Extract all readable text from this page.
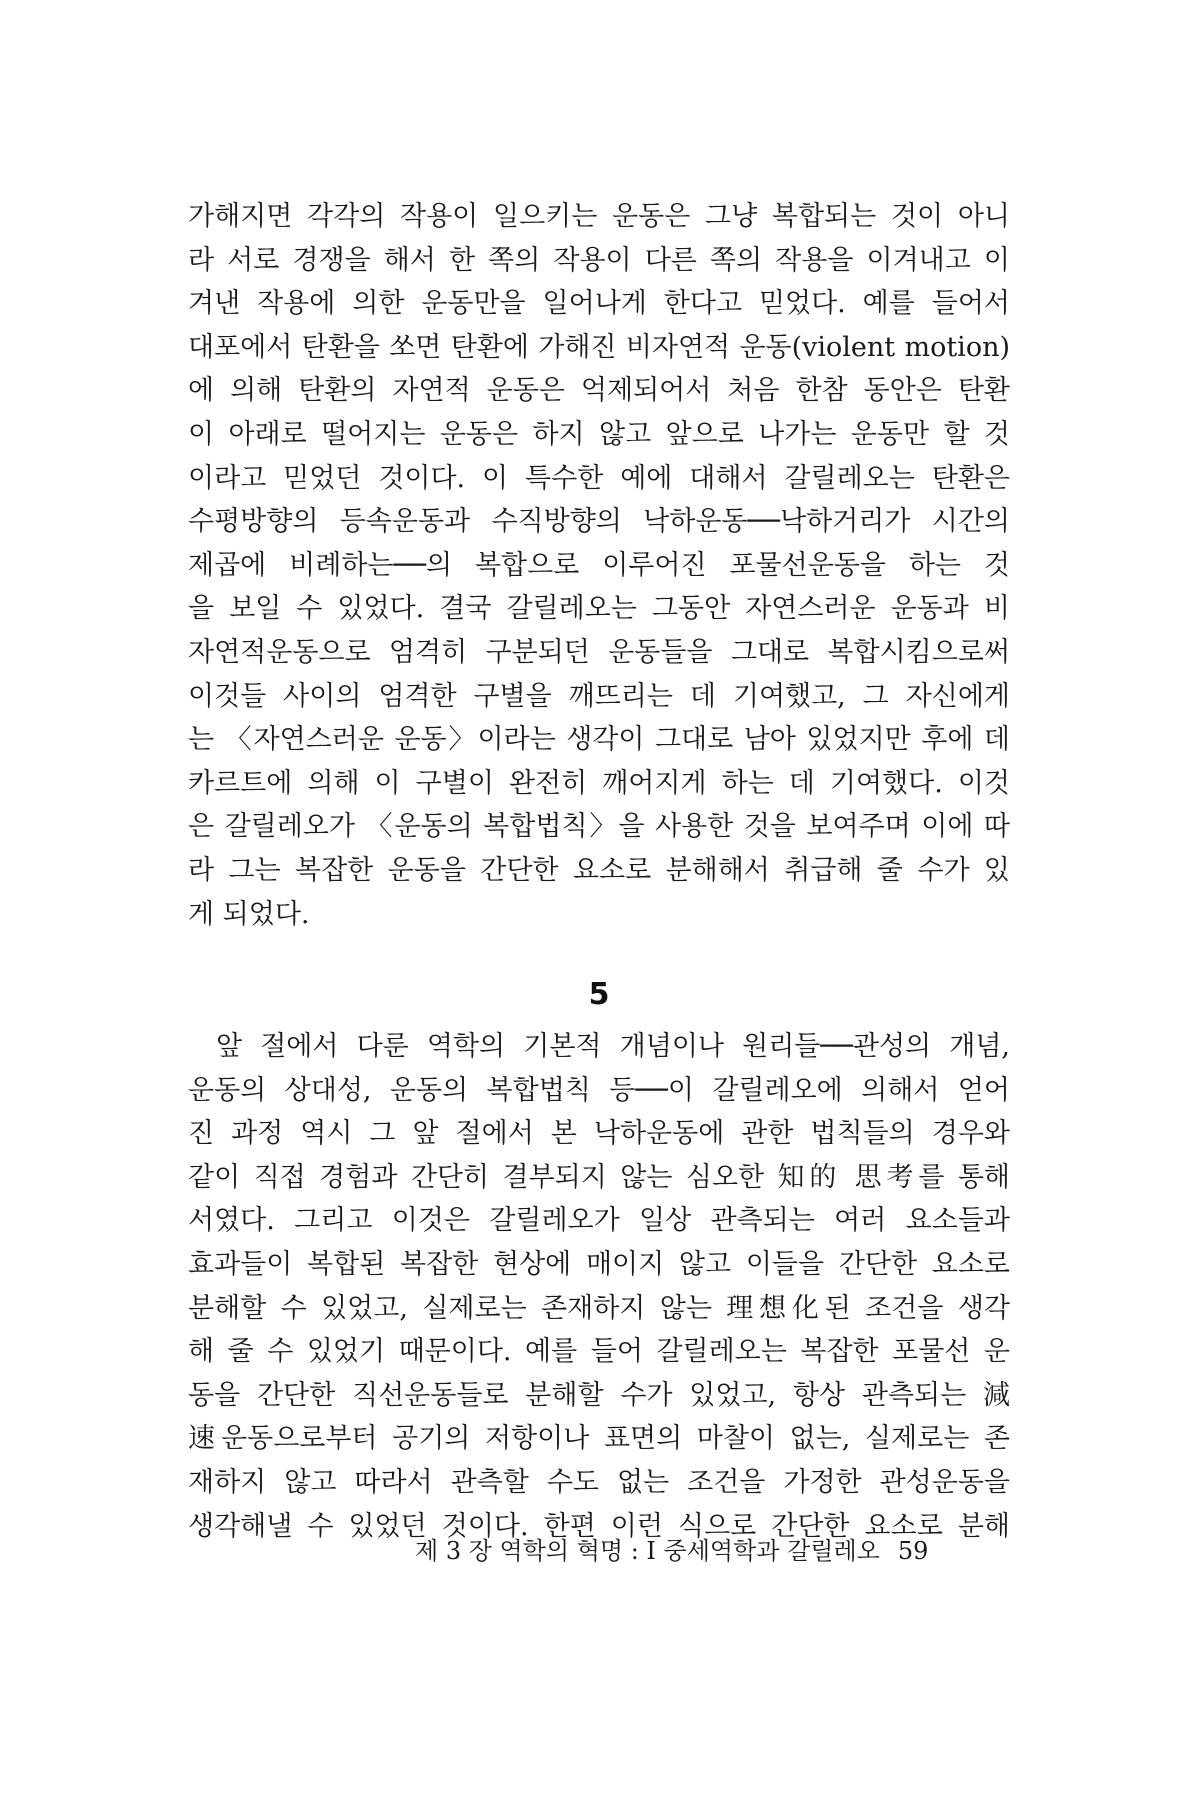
가해지면 각각의 작용이 일으키는 운동은 그냥 복합되는 것이 아니
라 서로 경쟁을 해서 한 쪽의 작용이 다른 쪽의 작용을 이겨내고 이
겨낸 작용에 의한 운동만을 일어나게 한다고 믿었다. 예를 들어서
대포에서 탄환을 쏘면 탄환에 가해진 비자연적 운동(violent motion)
에 의해 탄환의 자연적 운동은 억제되어서 처음 한참 동안은 탄환
이 아래로 떨어지는 운동은 하지 않고 앞으로 나가는 운동만 할 것
이라고 믿었던 것이다. 이 특수한 예에 대해서 갈릴레오는 탄환은
수평방향의 등속운동과 수직방향의 낙하운동──낙하거리가 시간의
제곱에 비례하는──의 복합으로 이루어진 포물선운동을 하는 것
을 보일 수 있었다. 결국 갈릴레오는 그동안 자연스러운 운동과 비
자연적운동으로 엄격히 구분되던 운동들을 그대로 복합시킴으로써
이것들 사이의 엄격한 구별을 깨뜨리는 데 기여했고, 그 자신에게
는 〈자연스러운 운동〉이라는 생각이 그대로 남아 있었지만 후에 데
카르트에 의해 이 구별이 완전히 깨어지게 하는 데 기여했다. 이것
은 갈릴레오가 〈운동의 복합법칙〉을 사용한 것을 보여주며 이에 따
라 그는 복잡한 운동을 간단한 요소로 분해해서 취급해 줄 수가 있
게 되었다.
5
앞 절에서 다룬 역학의 기본적 개념이나 원리들──관성의 개념,
운동의 상대성, 운동의 복합법칙 등──이 갈릴레오에 의해서 얻어
진 과정 역시 그 앞 절에서 본 낙하운동에 관한 법칙들의 경우와
같이 직접 경험과 간단히 결부되지 않는 심오한 知的 思考를 통해
서였다. 그리고 이것은 갈릴레오가 일상 관측되는 여러 요소들과
효과들이 복합된 복잡한 현상에 매이지 않고 이들을 간단한 요소로
분해할 수 있었고, 실제로는 존재하지 않는 理想化된 조건을 생각
해 줄 수 있었기 때문이다. 예를 들어 갈릴레오는 복잡한 포물선 운
동을 간단한 직선운동들로 분해할 수가 있었고, 항상 관측되는 減
速운동으로부터 공기의 저항이나 표면의 마찰이 없는, 실제로는 존
재하지 않고 따라서 관측할 수도 없는 조건을 가정한 관성운동을
생각해낼 수 있었던 것이다. 한편 이런 식으로 간단한 요소로 분해
제 3 장 역학의 혁명 : I 중세역학과 갈릴레오 59
